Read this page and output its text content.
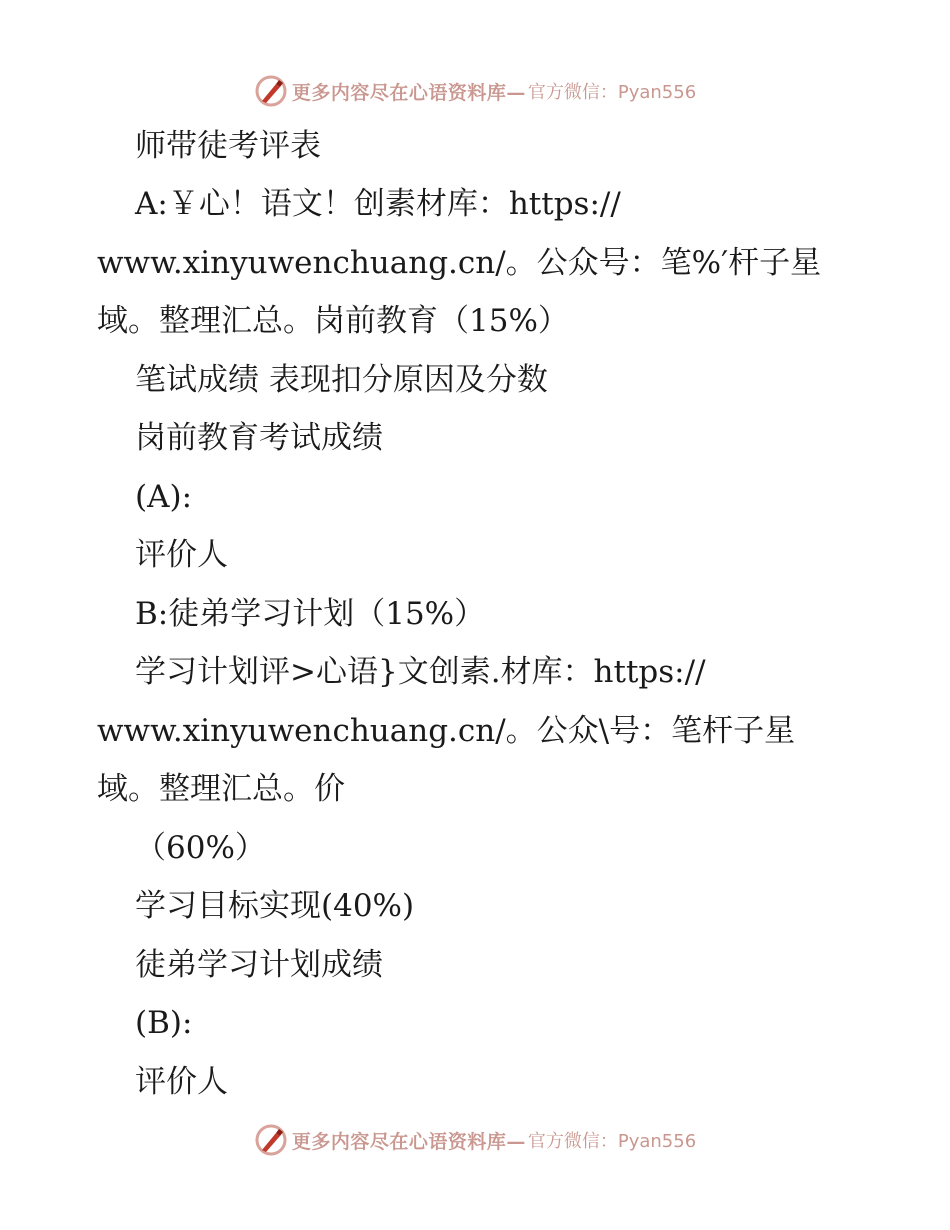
更多内容尽在心语资料库— 官方微信：Pyan556
师带徒考评表
A:￥心！语文！创素材库：https://
www.xinyuwenchuang.cn/。公众号：笔%′杆子星
域。整理汇总。岗前教育（15%）
笔试成绩 表现扣分原因及分数
岗前教育考试成绩
(A):
评价人
B:徒弟学习计划（15%）
学习计划评>心语}文创素.材库：https://
www.xinyuwenchuang.cn/。公众\号：笔杆子星
域。整理汇总。价
（60%）
学习目标实现(40%)
徒弟学习计划成绩
(B):
评价人
更多内容尽在心语资料库— 官方微信：Pyan556
